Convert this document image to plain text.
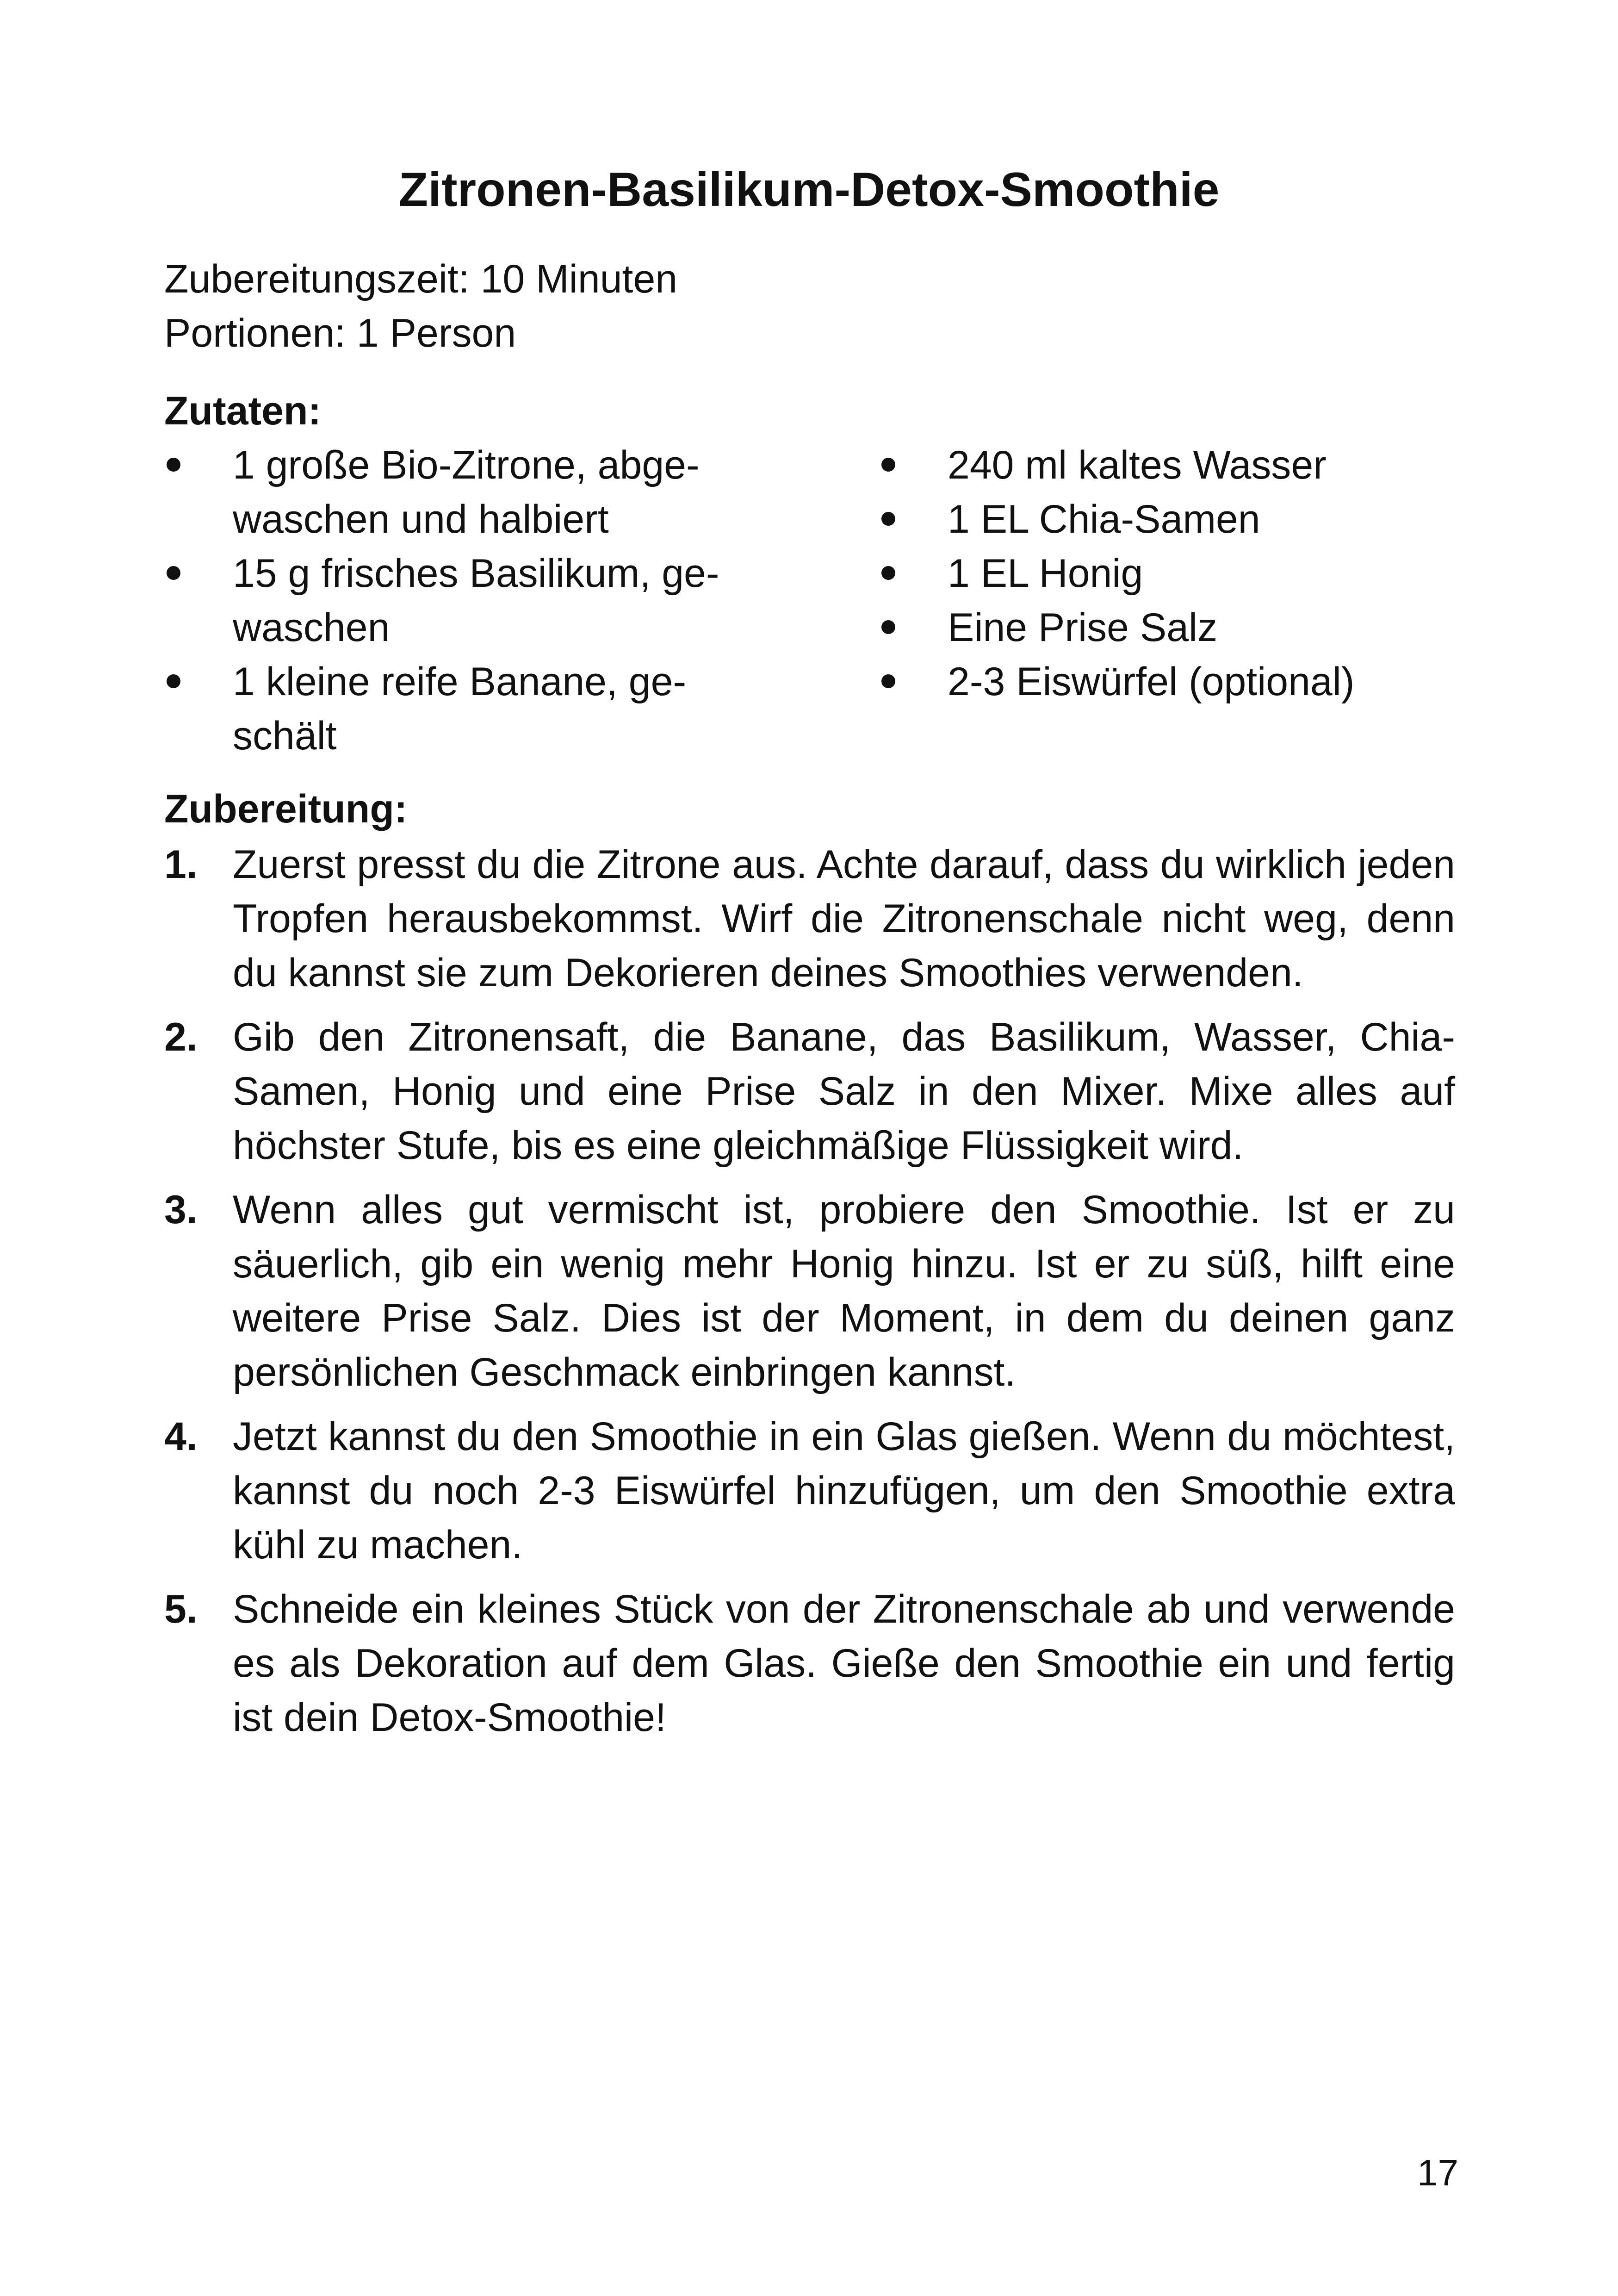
Zitronen-Basilikum-Detox-Smoothie
Zubereitungszeit: 10 Minuten
Portionen: 1 Person
Zutaten:
1 große Bio-Zitrone, abge-
waschen und halbiert
15 g frisches Basilikum, ge-
waschen
1 kleine reife Banane, ge-
schält
240 ml kaltes Wasser
1 EL Chia-Samen
1 EL Honig
Eine Prise Salz
2-3 Eiswürfel (optional)
Zubereitung:
1. Zuerst presst du die Zitrone aus. Achte darauf, dass du wirklich jeden Tropfen herausbekommst. Wirf die Zitronenschale nicht weg, denn du kannst sie zum Dekorieren deines Smoothies verwenden.
2. Gib den Zitronensaft, die Banane, das Basilikum, Wasser, Chia-Samen, Honig und eine Prise Salz in den Mixer. Mixe alles auf höchster Stufe, bis es eine gleichmäßige Flüssigkeit wird.
3. Wenn alles gut vermischt ist, probiere den Smoothie. Ist er zu säuerlich, gib ein wenig mehr Honig hinzu. Ist er zu süß, hilft eine weitere Prise Salz. Dies ist der Moment, in dem du deinen ganz persönlichen Geschmack einbringen kannst.
4. Jetzt kannst du den Smoothie in ein Glas gießen. Wenn du möchtest, kannst du noch 2-3 Eiswürfel hinzufügen, um den Smoothie extra kühl zu machen.
5. Schneide ein kleines Stück von der Zitronenschale ab und verwende es als Dekoration auf dem Glas. Gieße den Smoothie ein und fertig ist dein Detox-Smoothie!
17
